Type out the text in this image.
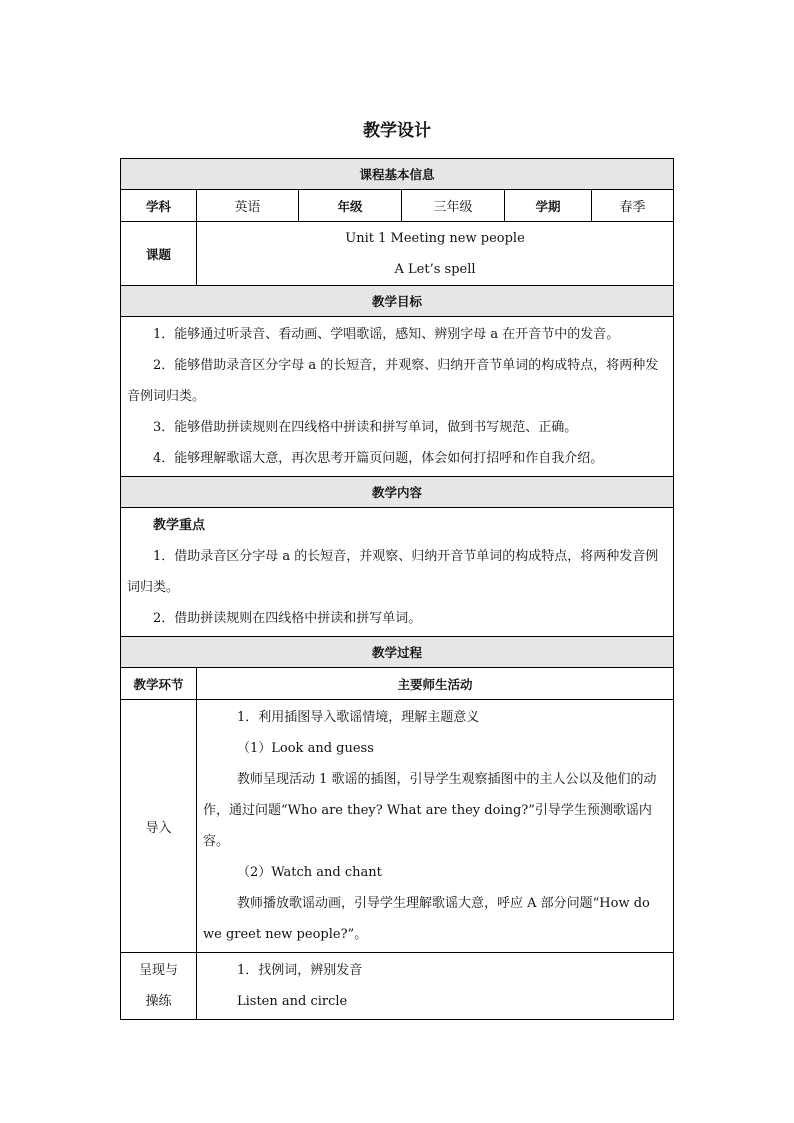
教学设计
课程基本信息					
学科	英语	年级	三年级	学期	春季
课题	Unit 1 Meeting new people
A Let’s spell				

教学目标					

1．能够通过听录音、看动画、学唱歌谣，感知、辨别字母 a 在开音节中的发音。

2．能够借助录音区分字母 a 的长短音，并观察、归纳开音节单词的构成特点，将两种发音例词归类。

3．能够借助拼读规则在四线格中拼读和拼写单词，做到书写规范、正确。

4．能够理解歌谣大意，再次思考开篇页问题，体会如何打招呼和作自我介绍。					

教学内容					

教学重点

1．借助录音区分字母 a 的长短音，并观察、归纳开音节单词的构成特点，将两种发音例词归类。

2．借助拼读规则在四线格中拼读和拼写单词。					

教学过程					
教学环节	主要师生活动				
导入	1．利用插图导入歌谣情境，理解主题意义

（1）Look and guess

教师呈现活动 1 歌谣的插图，引导学生观察插图中的主人公以及他们的动作，通过问题“Who are they? What are they doing?”引导学生预测歌谣内容。

（2）Watch and chant

教师播放歌谣动画，引导学生理解歌谣大意，呼应 A 部分问题“How do we greet new people?”。				

呈现与操练	1．找例词，辨别发音

Listen and circle				
